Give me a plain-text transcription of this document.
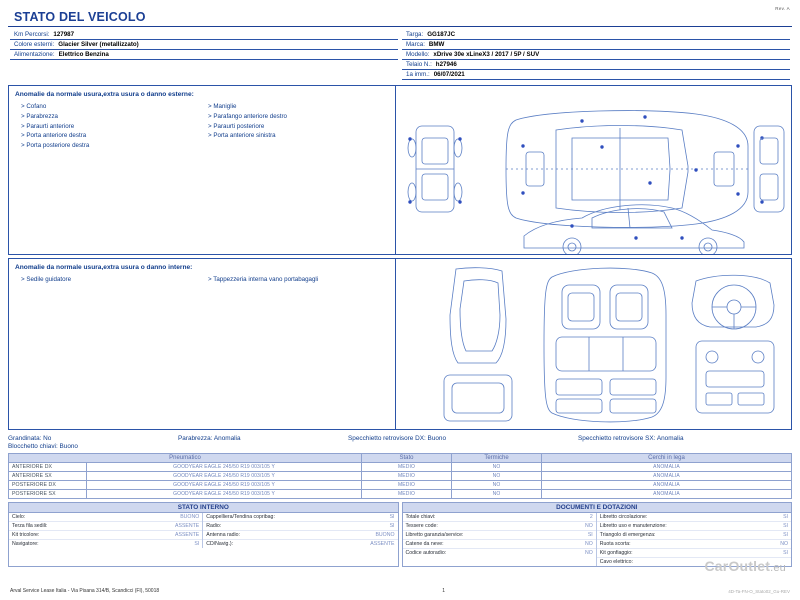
Rev. A
STATO DEL VEICOLO
Km Percorsi: 127987
Colore esterni: Glacier Silver (metallizzato)
Alimentazione: Elettrico Benzina
Targa: GG187JC
Marca: BMW
Modello: xDrive 30e xLineX3 / 2017 / 5P / SUV
Telaio N.: h27946
1a imm.: 06/07/2021
Anomalie da normale usura,extra usura o danno esterne:
> Cofano
> Parabrezza
> Paraurti anteriore
> Porta anteriore destra
> Porta posteriore destra
> Maniglie
> Parafango anteriore destro
> Paraurti posteriore
> Porta anteriore sinistra
Anomalie da normale usura,extra usura o danno interne:
> Sedile guidatore	> Tappezzeria interna vano portabagagli
Grandinata: No	Parabrezza: Anomalia	Specchietto retrovisore DX: Buono	Specchietto retrovisore SX: Anomalia
Blocchetto chiavi: Buono
Pneumatico		Stato	Termiche	Cerchi in lega
ANTERIORE DX	GOODYEAR EAGLE 245/50 R19 003/105 Y	MEDIO	NO	ANOMALIA
ANTERIORE SX	GOODYEAR EAGLE 245/50 R19 003/105 Y	MEDIO	NO	ANOMALIA
POSTERIORE DX	GOODYEAR EAGLE 245/50 R19 003/105 Y	MEDIO	NO	ANOMALIA
POSTERIORE SX	GOODYEAR EAGLE 245/50 R19 003/105 Y	MEDIO	NO	ANOMALIA
STATO INTERNO
Cielo:	BUONO
Terza fila sedili:	ASSENTE
Kit tricolore:	ASSENTE
Navigatore:	SI
Cappelliera/Tendina copribag:	SI
Radio:	SI
Antenna radio:	BUONO
CD/Navig.):	ASSENTE
DOCUMENTI E DOTAZIONI
Totale chiavi:	2
Tessere code:	NO
Libretto garanzia/service:	SI
Catene da neve:	NO
Codice autoradio:	NO
Libretto circolazione:	SI
Libretto uso e manutenzione:	SI
Triangolo di emergenza:	SI
Ruota scorta:	NO
Kit gonfiaggio:	SI
Cavo elettrico:	CarOutlet.eu
Arval Service Lease Italia - Via Pisana 314/B, Scandicci (FI), 50018	1	4D-Ta-FN-O_Stato02_Gu-REV
